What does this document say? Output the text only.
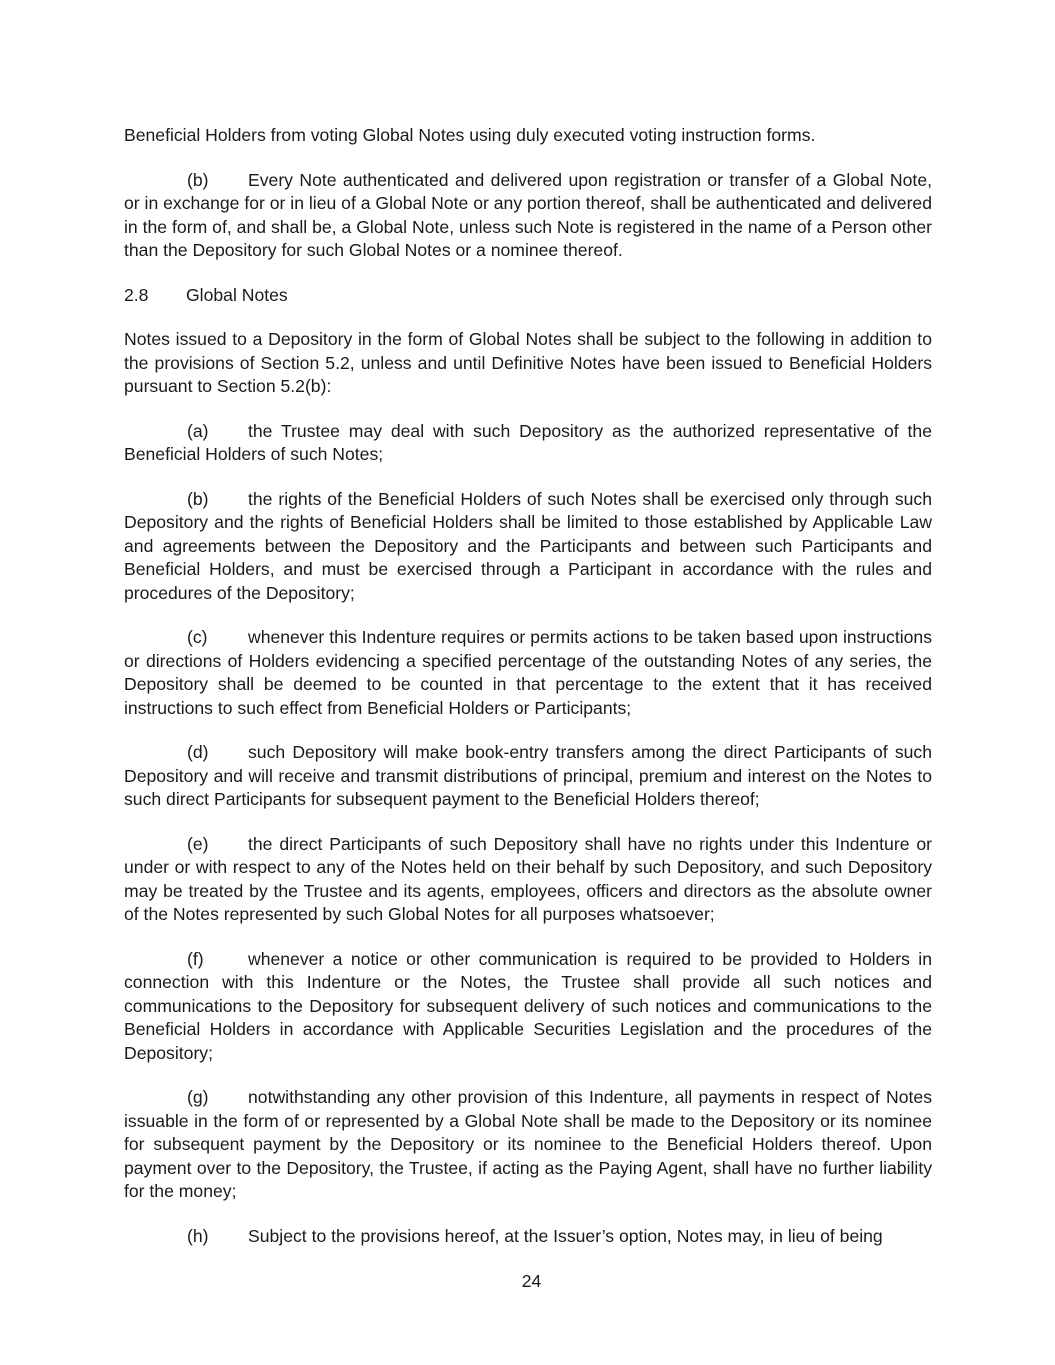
Beneficial Holders from voting Global Notes using duly executed voting instruction forms.

(b) Every Note authenticated and delivered upon registration or transfer of a Global Note, or in exchange for or in lieu of a Global Note or any portion thereof, shall be authenticated and delivered in the form of, and shall be, a Global Note, unless such Note is registered in the name of a Person other than the Depository for such Global Notes or a nominee thereof.

2.8 Global Notes

Notes issued to a Depository in the form of Global Notes shall be subject to the following in addition to the provisions of Section 5.2, unless and until Definitive Notes have been issued to Beneficial Holders pursuant to Section 5.2(b):

(a) the Trustee may deal with such Depository as the authorized representative of the Beneficial Holders of such Notes;

(b) the rights of the Beneficial Holders of such Notes shall be exercised only through such Depository and the rights of Beneficial Holders shall be limited to those established by Applicable Law and agreements between the Depository and the Participants and between such Participants and Beneficial Holders, and must be exercised through a Participant in accordance with the rules and procedures of the Depository;

(c) whenever this Indenture requires or permits actions to be taken based upon instructions or directions of Holders evidencing a specified percentage of the outstanding Notes of any series, the Depository shall be deemed to be counted in that percentage to the extent that it has received instructions to such effect from Beneficial Holders or Participants;

(d) such Depository will make book-entry transfers among the direct Participants of such Depository and will receive and transmit distributions of principal, premium and interest on the Notes to such direct Participants for subsequent payment to the Beneficial Holders thereof;

(e) the direct Participants of such Depository shall have no rights under this Indenture or under or with respect to any of the Notes held on their behalf by such Depository, and such Depository may be treated by the Trustee and its agents, employees, officers and directors as the absolute owner of the Notes represented by such Global Notes for all purposes whatsoever;

(f)	whenever a notice or other communication is required to be provided to Holders in connection with this Indenture or the Notes, the Trustee shall provide all such notices and communications to the Depository for subsequent delivery of such notices and communications to the Beneficial Holders in accordance with Applicable Securities Legislation and the procedures of the Depository;

(g) notwithstanding any other provision of this Indenture, all payments in respect of Notes issuable in the form of or represented by a Global Note shall be made to the Depository or its nominee for subsequent payment by the Depository or its nominee to the Beneficial Holders thereof. Upon payment over to the Depository, the Trustee, if acting as the Paying Agent, shall have no further liability for the money;

(h) Subject to the provisions hereof, at the Issuer’s option, Notes may, in lieu of being

24
